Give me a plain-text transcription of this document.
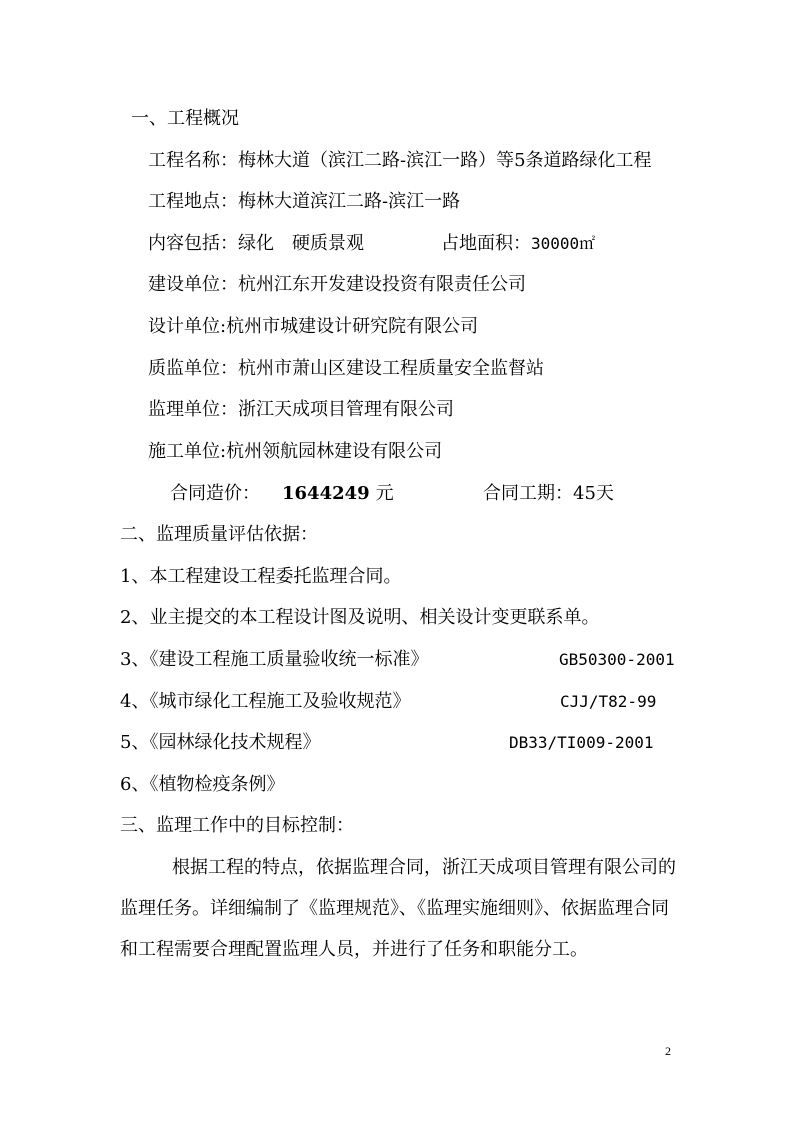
一、工程概况
工程名称：梅林大道（滨江二路-滨江一路）等5条道路绿化工程
工程地点：梅林大道滨江二路-滨江一路
内容包括：绿化　硬质景观	占地面积：30000㎡
建设单位：杭州江东开发建设投资有限责任公司
设计单位:杭州市城建设计研究院有限公司
质监单位：杭州市萧山区建设工程质量安全监督站
监理单位：浙江天成项目管理有限公司
施工单位:杭州领航园林建设有限公司
合同造价： 1644249 元	合同工期：45天
二、监理质量评估依据：
1、本工程建设工程委托监理合同。
2、业主提交的本工程设计图及说明、相关设计变更联系单。
3、《建设工程施工质量验收统一标准》	GB50300-2001
4、《城市绿化工程施工及验收规范》	CJJ/T82-99
5、《园林绿化技术规程》	DB33/TI009-2001
6、《植物检疫条例》
三、监理工作中的目标控制：
根据工程的特点，依据监理合同，浙江天成项目管理有限公司的监理任务。详细编制了《监理规范》、《监理实施细则》、依据监理合同和工程需要合理配置监理人员，并进行了任务和职能分工。
2
